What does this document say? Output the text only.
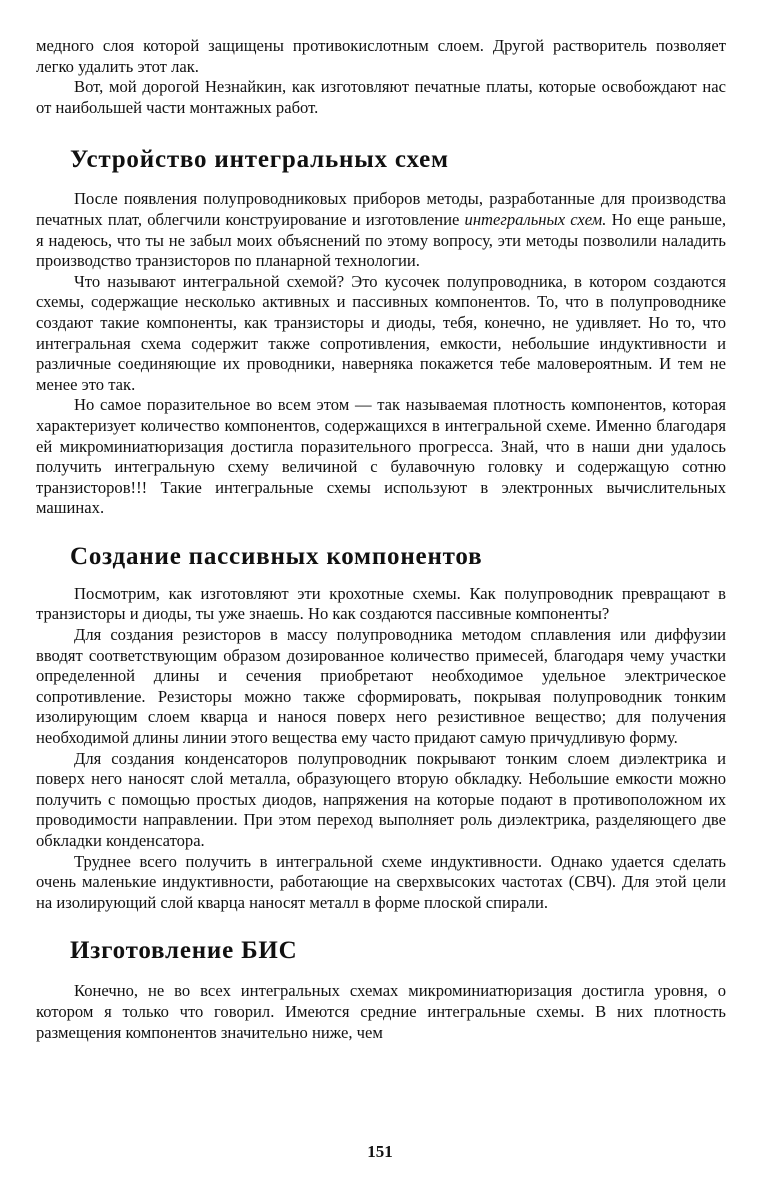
медного слоя которой защищены противокислотным слоем. Другой растворитель позволяет легко удалить этот лак.

Вот, мой дорогой Незнайкин, как изготовляют печатные платы, которые освобождают нас от наибольшей части монтажных работ.

Устройство интегральных схем

После появления полупроводниковых приборов методы, разработанные для производства печатных плат, облегчили конструирование и изготовление интегральных схем. Но еще раньше, я надеюсь, что ты не забыл моих объяснений по этому вопросу, эти методы позволили наладить производство транзисторов по планарной технологии.

Что называют интегральной схемой? Это кусочек полупроводника, в котором создаются схемы, содержащие несколько активных и пассивных компонентов. То, что в полупроводнике создают такие компоненты, как транзисторы и диоды, тебя, конечно, не удивляет. Но то, что интегральная схема содержит также сопротивления, емкости, небольшие индуктивности и различные соединяющие их проводники, наверняка покажется тебе маловероятным. И тем не менее это так.

Но самое поразительное во всем этом — так называемая плотность компонентов, которая характеризует количество компонентов, содержащихся в интегральной схеме. Именно благодаря ей микроминиатюризация достигла поразительного прогресса. Знай, что в наши дни удалось получить интегральную схему величиной с булавочную головку и содержащую сотню транзисторов!!! Такие интегральные схемы используют в электронных вычислительных машинах.

Создание пассивных компонентов

Посмотрим, как изготовляют эти крохотные схемы. Как полупроводник превращают в транзисторы и диоды, ты уже знаешь. Но как создаются пассивные компоненты?

Для создания резисторов в массу полупроводника методом сплавления или диффузии вводят соответствующим образом дозированное количество примесей, благодаря чему участки определенной длины и сечения приобретают необходимое удельное электрическое сопротивление. Резисторы можно также сформировать, покрывая полупроводник тонким изолирующим слоем кварца и нанося поверх него резистивное вещество; для получения необходимой длины линии этого вещества ему часто придают самую причудливую форму.

Для создания конденсаторов полупроводник покрывают тонким слоем диэлектрика и поверх него наносят слой металла, образующего вторую обкладку. Небольшие емкости можно получить с помощью простых диодов, напряжения на которые подают в противоположном их проводимости направлении. При этом переход выполняет роль диэлектрика, разделяющего две обкладки конденсатора.

Труднее всего получить в интегральной схеме индуктивности. Однако удается сделать очень маленькие индуктивности, работающие на сверхвысоких частотах (СВЧ). Для этой цели на изолирующий слой кварца наносят металл в форме плоской спирали.

Изготовление БИС

Конечно, не во всех интегральных схемах микроминиатюризация достигла уровня, о котором я только что говорил. Имеются средние интегральные схемы. В них плотность размещения компонентов значительно ниже, чем

151
